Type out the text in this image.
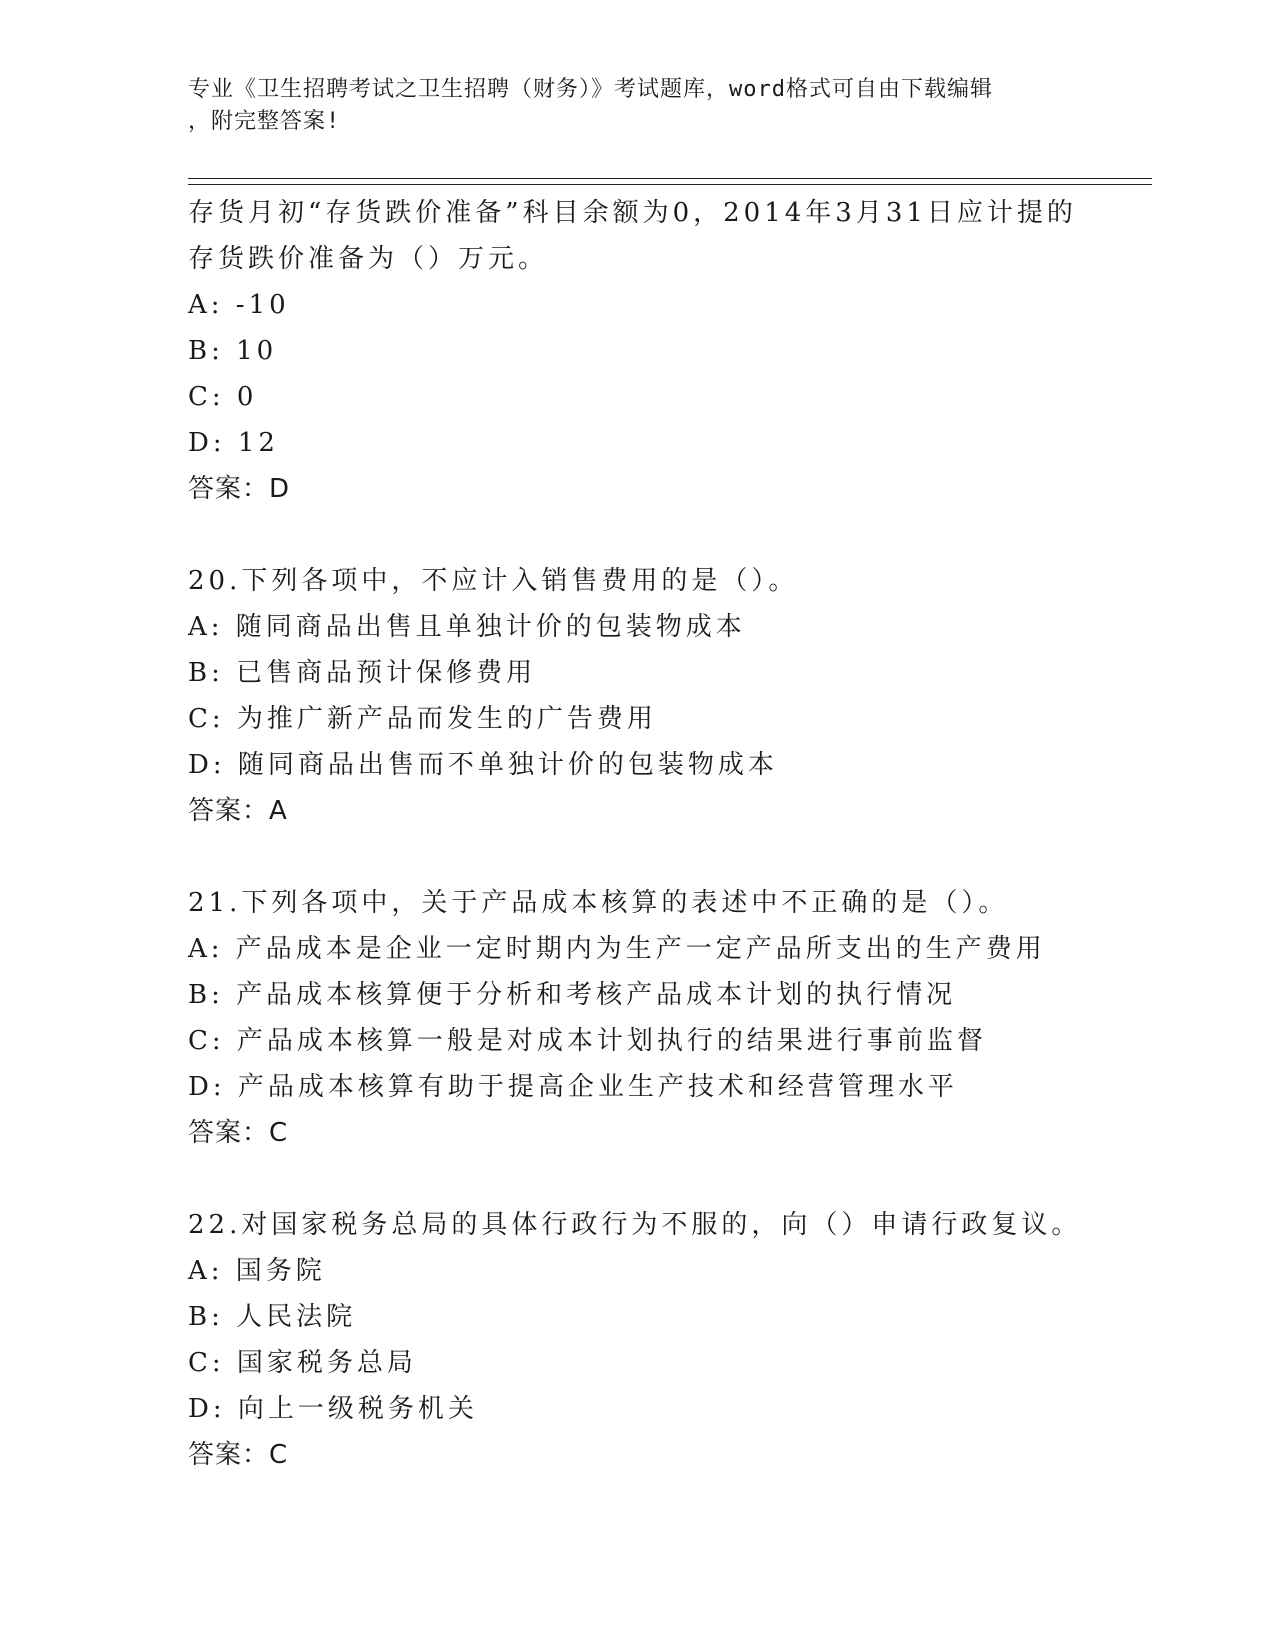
专业《卫生招聘考试之卫生招聘（财务）》考试题库，word格式可自由下载编辑
，附完整答案!
存货月初“存货跌价准备”科目余额为0，2014年3月31日应计提的
存货跌价准备为（）万元。
A: -10
B: 10
C: 0
D: 12
答案：D
20.下列各项中，不应计入销售费用的是（）。
A: 随同商品出售且单独计价的包装物成本
B: 已售商品预计保修费用
C: 为推广新产品而发生的广告费用
D: 随同商品出售而不单独计价的包装物成本
答案：A
21.下列各项中，关于产品成本核算的表述中不正确的是（）。
A: 产品成本是企业一定时期内为生产一定产品所支出的生产费用
B: 产品成本核算便于分析和考核产品成本计划的执行情况
C: 产品成本核算一般是对成本计划执行的结果进行事前监督
D: 产品成本核算有助于提高企业生产技术和经营管理水平
答案：C
22.对国家税务总局的具体行政行为不服的，向（）申请行政复议。
A: 国务院
B: 人民法院
C: 国家税务总局
D: 向上一级税务机关
答案：C
